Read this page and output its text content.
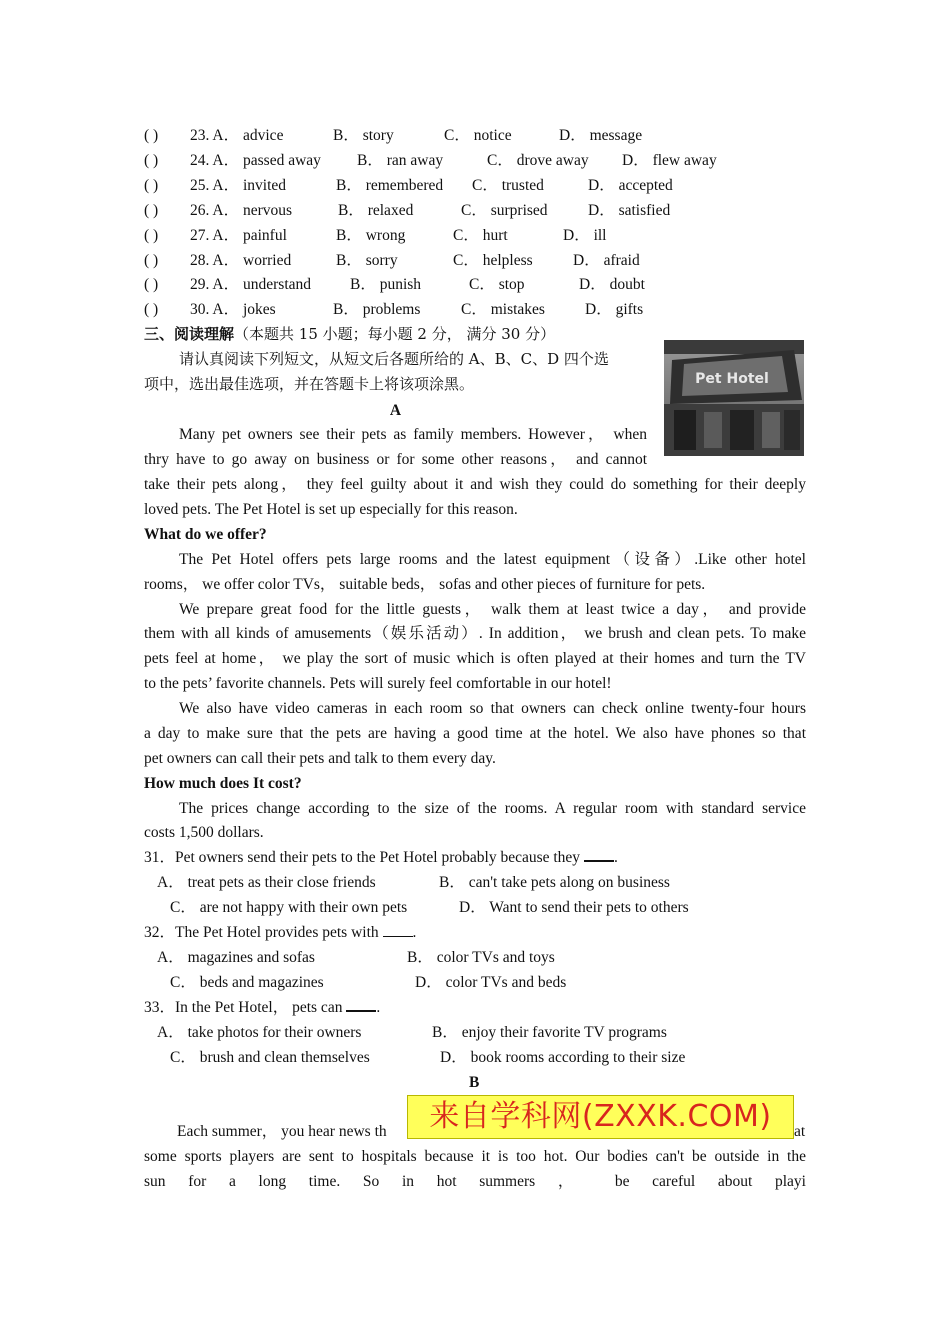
( ) 23. A． advice	B． story	C． notice	D． message
( ) 24. A． passed away B． ran away	C． drove away D． flew away
( ) 25. A． invited	B． remembered C． trusted	D． accepted
( ) 26. A． nervous	B． relaxed	C． surprised	D． satisfied
( ) 27. A． painful	B． wrong	C． hurt	D． ill
( ) 28. A． worried	B． sorry	C． helpless	D． afraid
( ) 29. A． understand	B． punish	C． stop	D． doubt
( ) 30. A． jokes	B． problems	C． mistakes	D． gifts
三、阅读理解（本题共 15 小题；每小题 2 分， 满分 30 分）
请认真阅读下列短文，从短文后各题所给的 A、B、C、D 四个选
项中，选出最佳选项，并在答题卡上将该项涂黑。	Pet Hotel
A
Many pet owners see their pets as family members. However， when
thry have to go away on business or for some other reasons， and cannot
take their pets along， they feel guilty about it and wish they could do something for their deeply
loved pets. The Pet Hotel is set up especially for this reason.
What do we offer?
The Pet Hotel offers pets large rooms and the latest equipment（设备）.Like other hotel
rooms， we offer color TVs， suitable beds， sofas and other pieces of furniture for pets.
We prepare great food for the little guests， walk them at least twice a day， and provide
them with all kinds of amusements（娱乐活动）. In addition， we brush and clean pets. To make
pets feel at home， we play the sort of music which is often played at their homes and turn the TV
to the pets’ favorite channels. Pets will surely feel comfortable in our hotel!
We also have video cameras in each room so that owners can check online twenty-four hours
a day to make sure that the pets are having a good time at the hotel. We also have phones so that
pet owners can call their pets and talk to them every day.
How much does It cost?
The prices change according to the size of the rooms. A regular room with standard service
costs 1,500 dollars.
31．Pet owners send their pets to the Pet Hotel probably because they .
A． treat pets as their close friends	B． can't take pets along on business
C． are not happy with their own pets	D． Want to send their pets to others
32．The Pet Hotel provides pets with .
A． magazines and sofas	B． color TVs and toys
C． beds and magazines	D． color TVs and beds
33．In the Pet Hotel， pets can .
A． take photos for their owners	B． enjoy their favorite TV programs
C． brush and clean themselves	D． book rooms according to their size
B
Each summer， you hear news th	at
来自学科网(ZXXK.COM)
some sports players are sent to hospitals because it is too hot. Our bodies can't be outside in the
sun for a long time. So in hot summers ， be careful about playi
